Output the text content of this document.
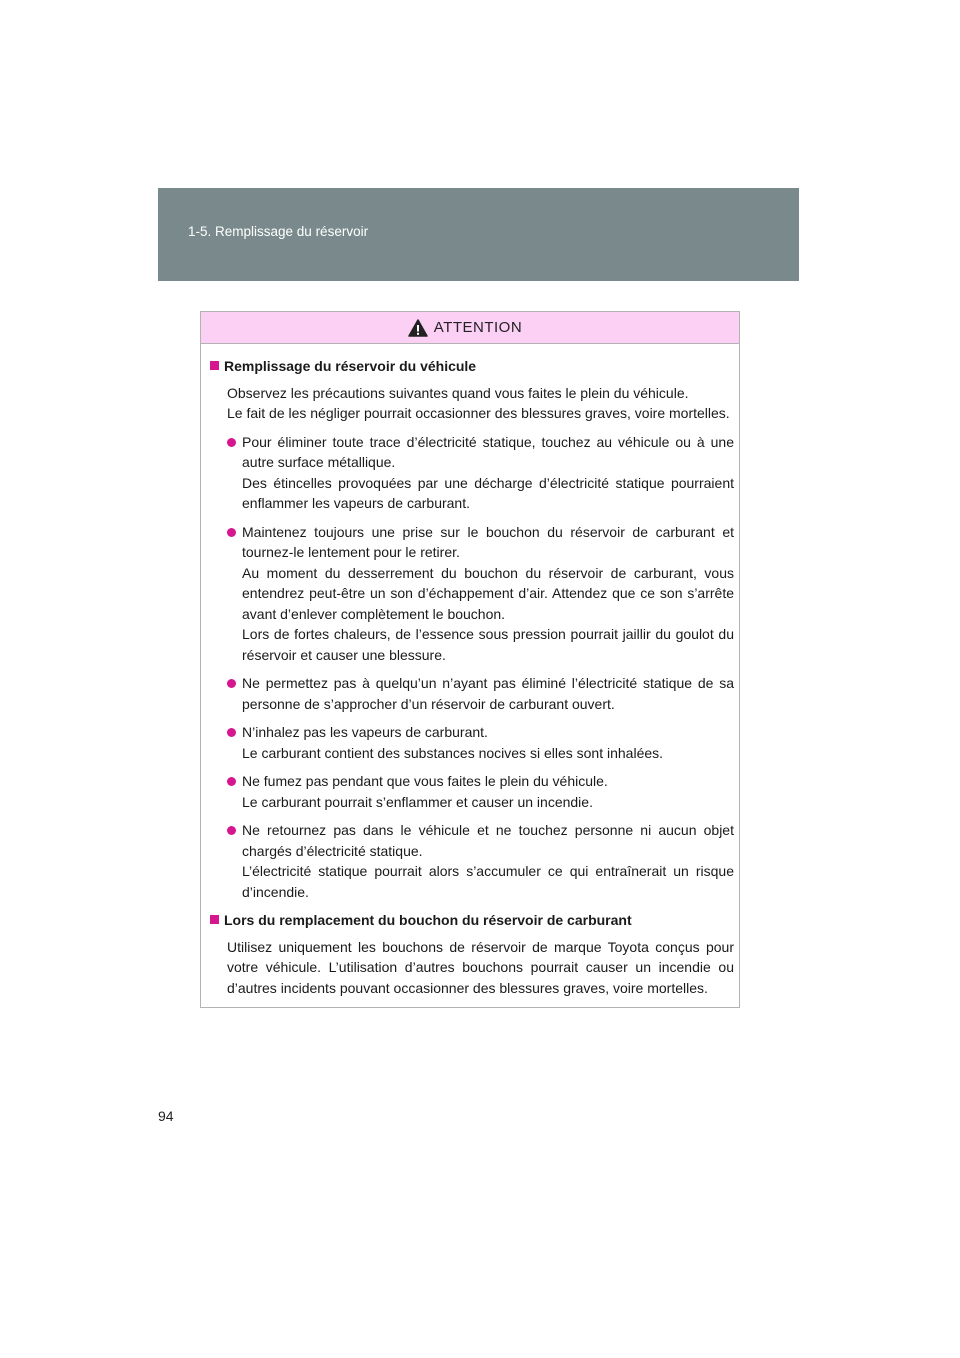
1-5. Remplissage du réservoir
ATTENTION
Remplissage du réservoir du véhicule
Observez les précautions suivantes quand vous faites le plein du véhicule.
Le fait de les négliger pourrait occasionner des blessures graves, voire mortelles.
Pour éliminer toute trace d’électricité statique, touchez au véhicule ou à une autre surface métallique.
Des étincelles provoquées par une décharge d’électricité statique pourraient enflammer les vapeurs de carburant.
Maintenez toujours une prise sur le bouchon du réservoir de carburant et tournez-le lentement pour le retirer.
Au moment du desserrement du bouchon du réservoir de carburant, vous entendrez peut-être un son d’échappement d’air. Attendez que ce son s’arrête avant d’enlever complètement le bouchon.
Lors de fortes chaleurs, de l’essence sous pression pourrait jaillir du goulot du réservoir et causer une blessure.
Ne permettez pas à quelqu’un n’ayant pas éliminé l’électricité statique de sa personne de s’approcher d’un réservoir de carburant ouvert.
N’inhalez pas les vapeurs de carburant.
Le carburant contient des substances nocives si elles sont inhalées.
Ne fumez pas pendant que vous faites le plein du véhicule.
Le carburant pourrait s’enflammer et causer un incendie.
Ne retournez pas dans le véhicule et ne touchez personne ni aucun objet chargés d’électricité statique.
L’électricité statique pourrait alors s’accumuler ce qui entraînerait un risque d’incendie.
Lors du remplacement du bouchon du réservoir de carburant
Utilisez uniquement les bouchons de réservoir de marque Toyota conçus pour votre véhicule. L’utilisation d’autres bouchons pourrait causer un incendie ou d’autres incidents pouvant occasionner des blessures graves, voire mortelles.
94
